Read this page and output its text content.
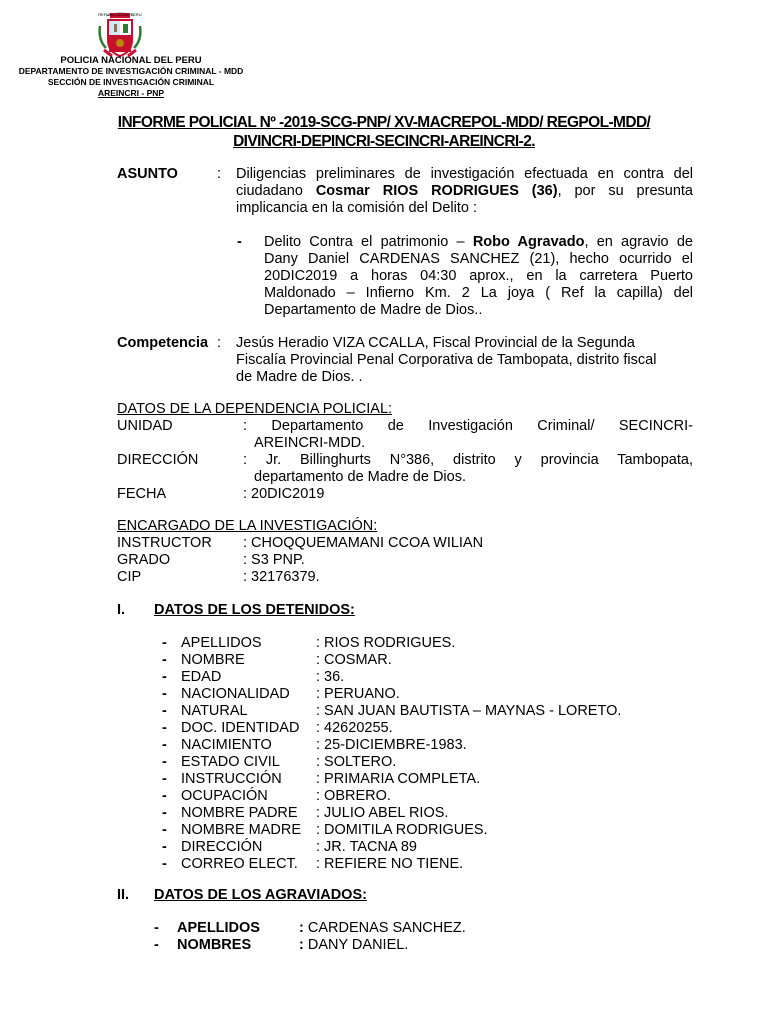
REPUBLICA DEL PERU
POLICIA NACIONAL DEL PERU
DEPARTAMENTO DE INVESTIGACIÓN CRIMINAL - MDD
SECCIÓN DE INVESTIGACIÓN CRIMINAL
AREINCRI - PNP
INFORME POLICIAL Nº -2019-SCG-PNP/ XV-MACREPOL-MDD/ REGPOL-MDD/
DIVINCRI-DEPINCRI-SECINCRI-AREINCRI-2.
ASUNTO	: Diligencias preliminares de investigación efectuada en contra del
ciudadano Cosmar RIOS RODRIGUES (36), por su presunta
implicancia en la comisión del Delito :
- Delito Contra el patrimonio – Robo Agravado, en agravio de
Dany Daniel CARDENAS SANCHEZ (21), hecho ocurrido el
20DIC2019 a horas 04:30 aprox., en la carretera Puerto
Maldonado – Infierno Km. 2 La joya ( Ref la capilla) del
Departamento de Madre de Dios..
Competencia : Jesús Heradio VIZA CCALLA, Fiscal Provincial de la Segunda
Fiscalía Provincial Penal Corporativa de Tambopata, distrito fiscal
de Madre de Dios. .
DATOS DE LA DEPENDENCIA POLICIAL:
UNIDAD	: Departamento de Investigación Criminal/ SECINCRI-
AREINCRI-MDD.
DIRECCIÓN	: Jr. Billinghurts N°386, distrito y provincia Tambopata,
departamento de Madre de Dios.
FECHA	: 20DIC2019
ENCARGADO DE LA INVESTIGACIÓN:
INSTRUCTOR : CHOQQUEMAMANI CCOA WILIAN
GRADO	: S3 PNP.
CIP	: 32176379.
I. DATOS DE LOS DETENIDOS:
- APELLIDOS	: RIOS RODRIGUES.
- NOMBRE	: COSMAR.
- EDAD	: 36.
- NACIONALIDAD : PERUANO.
- NATURAL	: SAN JUAN BAUTISTA – MAYNAS - LORETO.
- DOC. IDENTIDAD : 42620255.
- NACIMIENTO	: 25-DICIEMBRE-1983.
- ESTADO CIVIL : SOLTERO.
- INSTRUCCIÓN : PRIMARIA COMPLETA.
- OCUPACIÓN	: OBRERO.
- NOMBRE PADRE : JULIO ABEL RIOS.
- NOMBRE MADRE : DOMITILA RODRIGUES.
- DIRECCIÓN	: JR. TACNA 89
- CORREO ELECT. : REFIERE NO TIENE.
II. DATOS DE LOS AGRAVIADOS:
- APELLIDOS	: CARDENAS SANCHEZ.
- NOMBRES	: DANY DANIEL.
